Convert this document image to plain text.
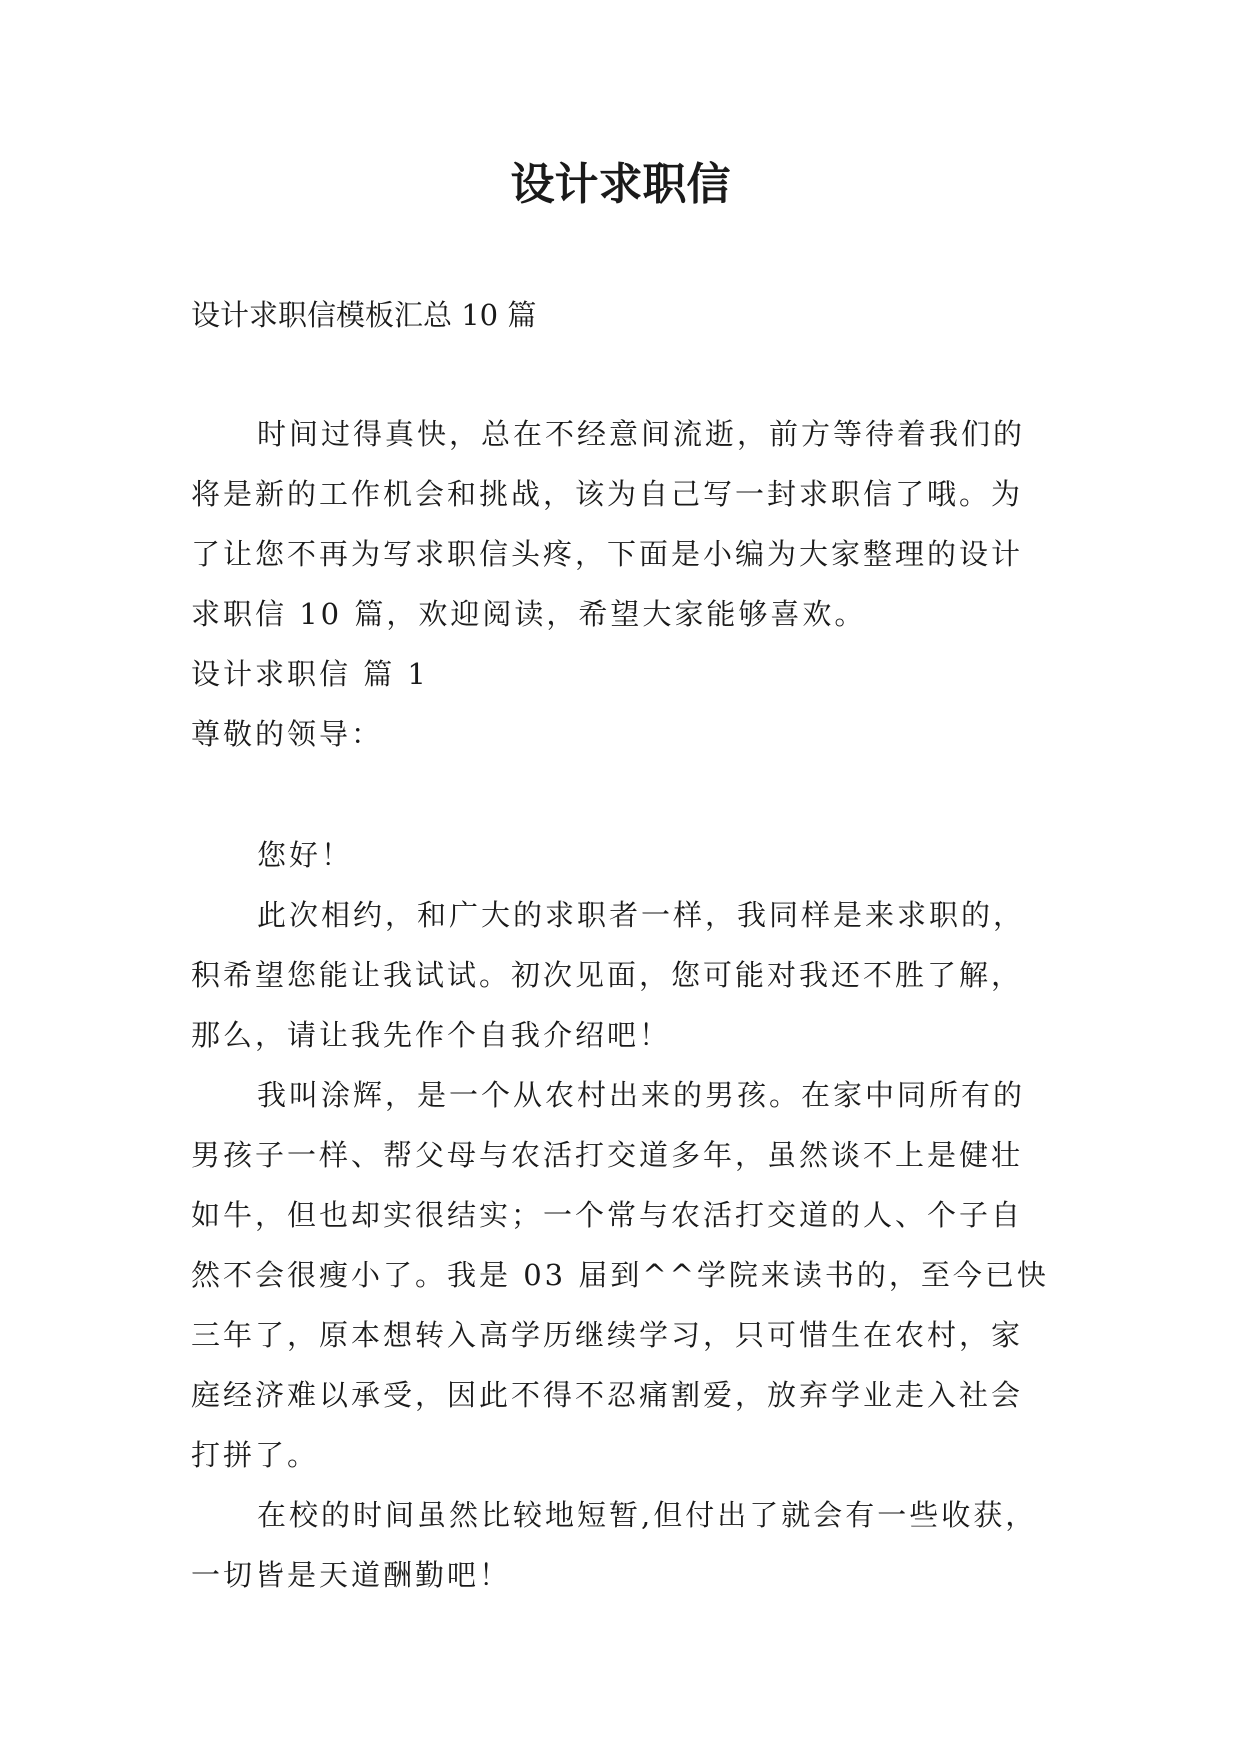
设计求职信

设计求职信模板汇总 10 篇

时间过得真快，总在不经意间流逝，前方等待着我们的

将是新的工作机会和挑战，该为自己写一封求职信了哦。为

了让您不再为写求职信头疼，下面是小编为大家整理的设计

求职信 10 篇，欢迎阅读，希望大家能够喜欢。

设计求职信 篇 1

尊敬的领导：

您好！

此次相约，和广大的求职者一样，我同样是来求职的，

积希望您能让我试试。初次见面，您可能对我还不胜了解，

那么，请让我先作个自我介绍吧！

我叫涂辉，是一个从农村出来的男孩。在家中同所有的

男孩子一样、帮父母与农活打交道多年，虽然谈不上是健壮

如牛，但也却实很结实；一个常与农活打交道的人、个子自

然不会很瘦小了。我是 03 届到^^学院来读书的，至今已快

三年了，原本想转入高学历继续学习，只可惜生在农村，家

庭经济难以承受，因此不得不忍痛割爱，放弃学业走入社会

打拼了。

在校的时间虽然比较地短暂,但付出了就会有一些收获，

一切皆是天道酬勤吧！
